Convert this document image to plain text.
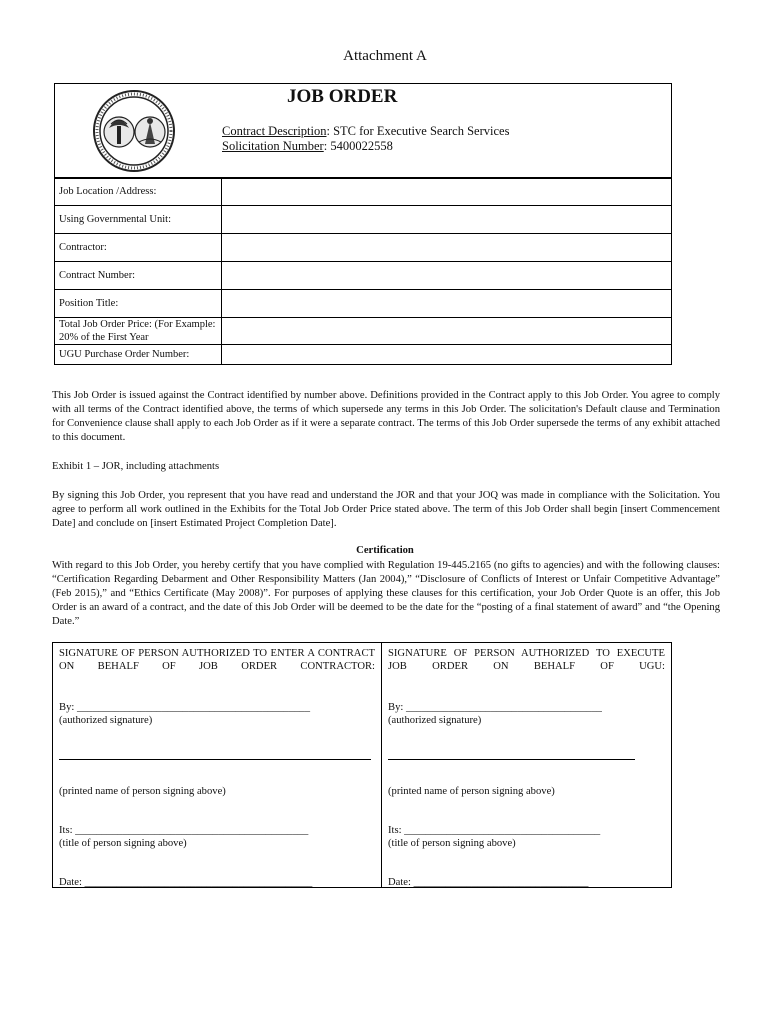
Attachment A
JOB ORDER
Contract Description: STC for Executive Search Services
Solicitation Number: 5400022558
Job Location /Address:	
Using Governmental Unit:	
Contractor:	
Contract Number:	
Position Title:	
Total Job Order Price: (For Example: 20% of the First Year	
UGU Purchase Order Number:	
This Job Order is issued against the Contract identified by number above. Definitions provided in the Contract apply to this Job Order. You agree to comply with all terms of the Contract identified above, the terms of which supersede any terms in this Job Order. The solicitation's Default clause and Termination for Convenience clause shall apply to each Job Order as if it were a separate contract. The terms of this Job Order supersede the terms of any exhibit attached to this document.
Exhibit 1 – JOR, including attachments
By signing this Job Order, you represent that you have read and understand the JOR and that your JOQ was made in compliance with the Solicitation. You agree to perform all work outlined in the Exhibits for the Total Job Order Price stated above. The term of this Job Order shall begin [insert Commencement Date] and conclude on [insert Estimated Project Completion Date].
Certification
With regard to this Job Order, you hereby certify that you have complied with Regulation 19-445.2165 (no gifts to agencies) and with the following clauses: “Certification Regarding Debarment and Other Responsibility Matters (Jan 2004),” “Disclosure of Conflicts of Interest or Unfair Competitive Advantage” (Feb 2015),” and “Ethics Certificate (May 2008)”. For purposes of applying these clauses for this certification, your Job Order Quote is an offer, this Job Order is an award of a contract, and the date of this Job Order will be deemed to be the date for the “posting of a final statement of award” and “the Opening Date.”
SIGNATURE OF PERSON AUTHORIZED TO ENTER A CONTRACT ON BEHALF OF JOB ORDER CONTRACTOR:
By: ____________________________________________
(authorized signature)
(printed name of person signing above)
Its: ____________________________________________
(title of person signing above)
Date: ___________________________________________

SIGNATURE OF PERSON AUTHORIZED TO EXECUTE JOB ORDER ON BEHALF OF UGU:
By: _____________________________________
(authorized signature)
(printed name of person signing above)
Its: _____________________________________
(title of person signing above)
Date: _________________________________
